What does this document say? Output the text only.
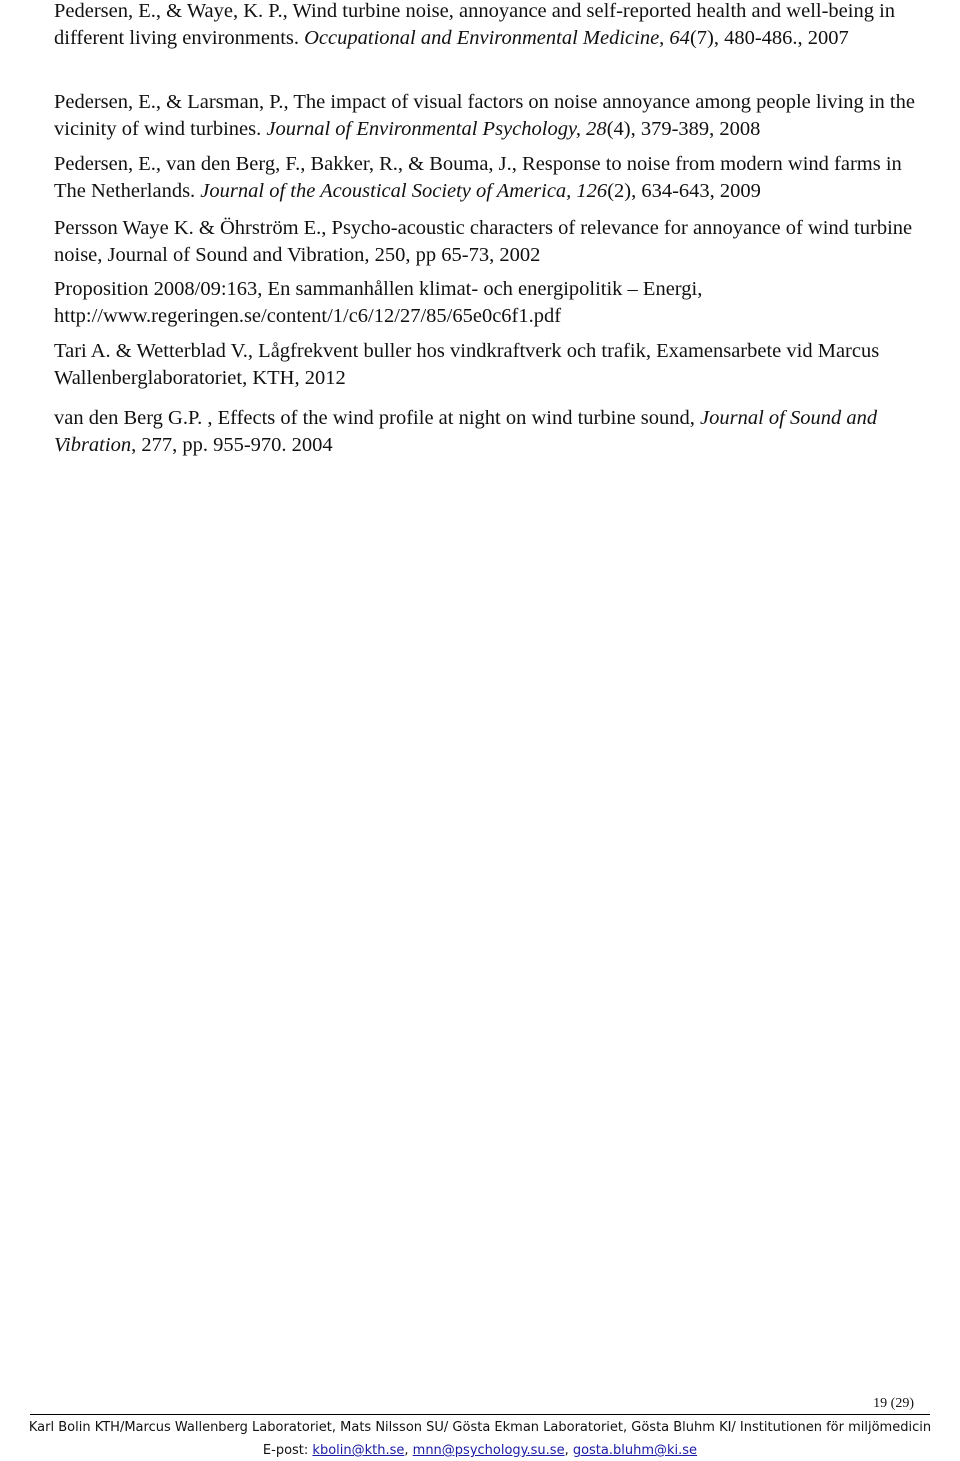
Pedersen, E., & Waye, K. P., Wind turbine noise, annoyance and self-reported health and well-being in different living environments. Occupational and Environmental Medicine, 64(7), 480-486., 2007

Pedersen, E., & Larsman, P., The impact of visual factors on noise annoyance among people living in the vicinity of wind turbines. Journal of Environmental Psychology, 28(4), 379-389, 2008

Pedersen, E., van den Berg, F., Bakker, R., & Bouma, J., Response to noise from modern wind farms in The Netherlands. Journal of the Acoustical Society of America, 126(2), 634-643, 2009

Persson Waye K. & Öhrström E., Psycho-acoustic characters of relevance for annoyance of wind turbine noise, Journal of Sound and Vibration, 250, pp 65-73, 2002

Proposition 2008/09:163, En sammanhållen klimat- och energipolitik – Energi, http://www.regeringen.se/content/1/c6/12/27/85/65e0c6f1.pdf

Tari A. & Wetterblad V., Lågfrekvent buller hos vindkraftverk och trafik, Examensarbete vid Marcus Wallenberglaboratoriet, KTH, 2012

van den Berg G.P. , Effects of the wind profile at night on wind turbine sound, Journal of Sound and Vibration, 277, pp. 955-970. 2004

19 (29)
Karl Bolin KTH/Marcus Wallenberg Laboratoriet, Mats Nilsson SU/ Gösta Ekman Laboratoriet, Gösta Bluhm KI/ Institutionen för miljömedicin
E-post: kbolin@kth.se, mnn@psychology.su.se, gosta.bluhm@ki.se
